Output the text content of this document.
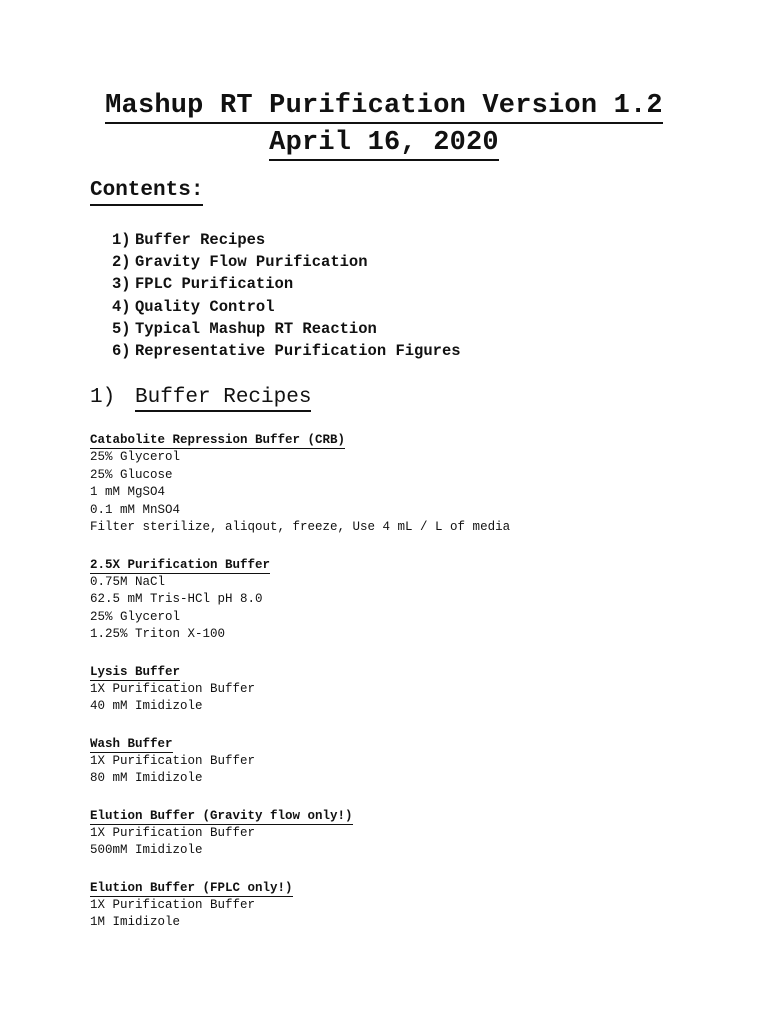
Mashup RT Purification Version 1.2
April 16, 2020
Contents:
1) Buffer Recipes
2) Gravity Flow Purification
3) FPLC Purification
4) Quality Control
5) Typical Mashup RT Reaction
6) Representative Purification Figures
1) Buffer Recipes
Catabolite Repression Buffer (CRB)
25% Glycerol
25% Glucose
1 mM MgSO4
0.1 mM MnSO4
Filter sterilize, aliqout, freeze, Use 4 mL / L of media
2.5X Purification Buffer
0.75M NaCl
62.5 mM Tris-HCl pH 8.0
25% Glycerol
1.25% Triton X-100
Lysis Buffer
1X Purification Buffer
40 mM Imidizole
Wash Buffer
1X Purification Buffer
80 mM Imidizole
Elution Buffer (Gravity flow only!)
1X Purification Buffer
500mM Imidizole
Elution Buffer (FPLC only!)
1X Purification Buffer
1M Imidizole
